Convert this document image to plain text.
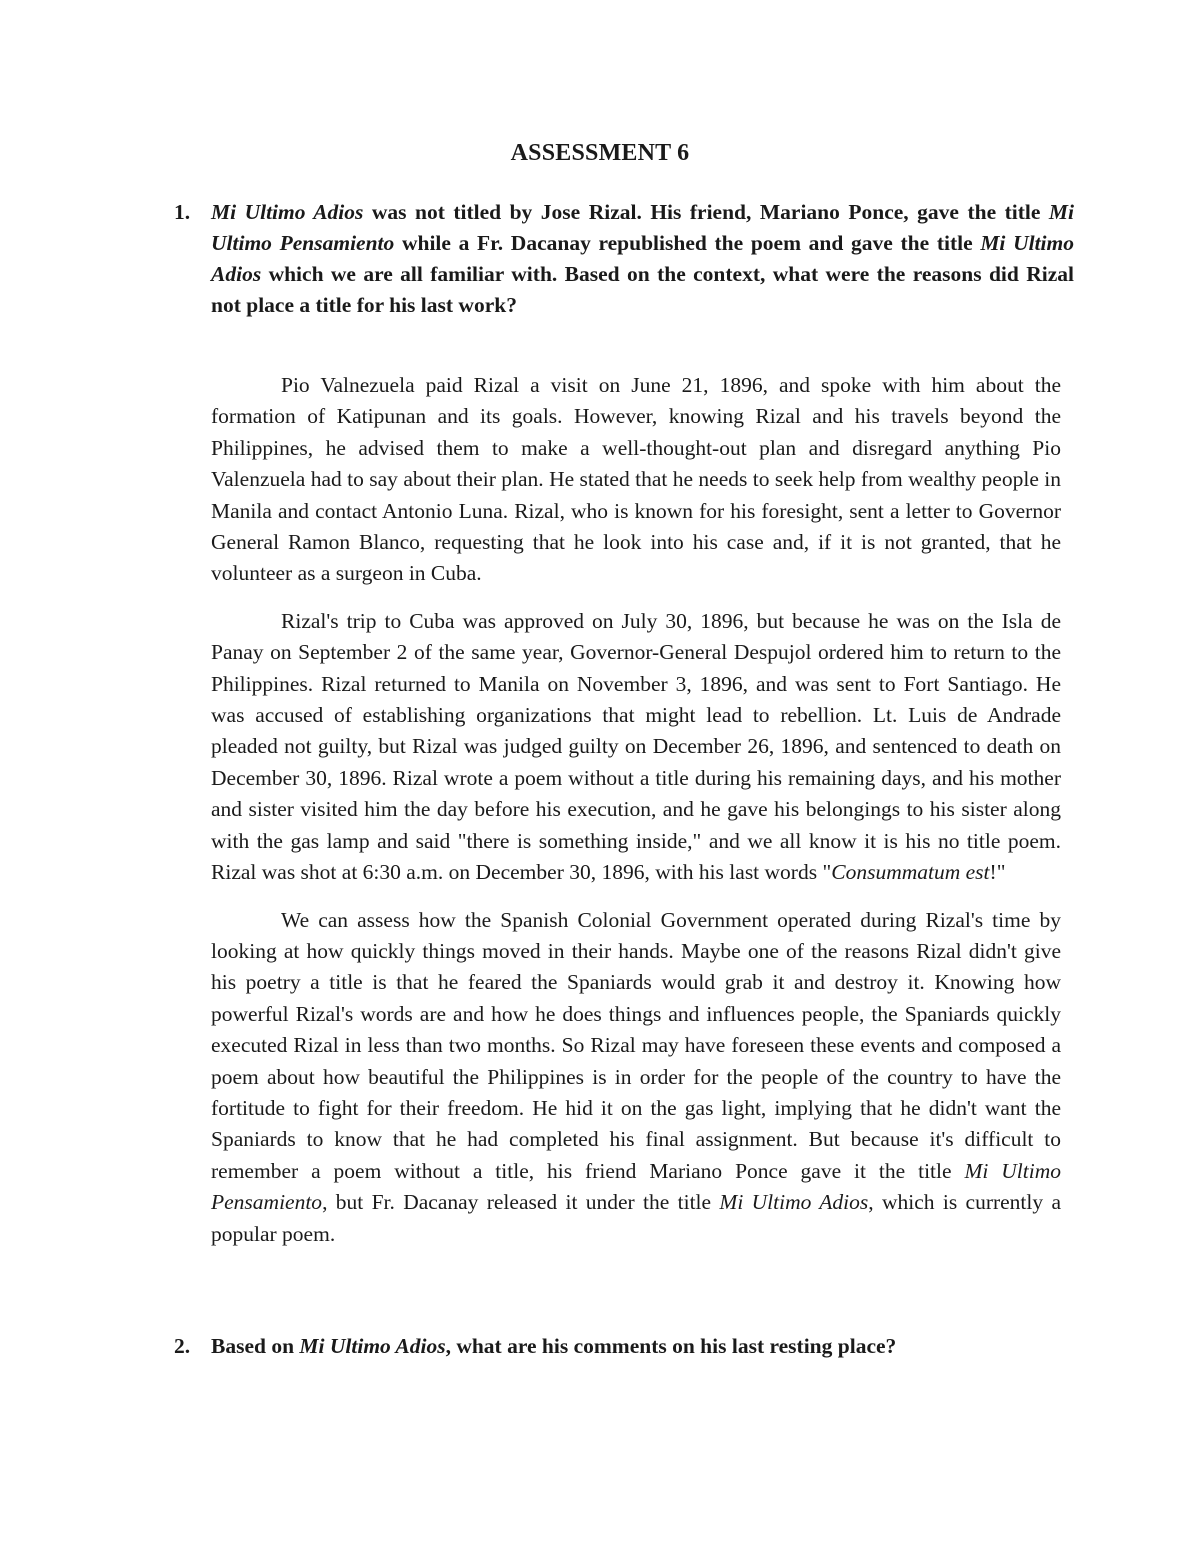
ASSESSMENT 6
1. Mi Ultimo Adios was not titled by Jose Rizal. His friend, Mariano Ponce, gave the title Mi Ultimo Pensamiento while a Fr. Dacanay republished the poem and gave the title Mi Ultimo Adios which we are all familiar with. Based on the context, what were the reasons did Rizal not place a title for his last work?

Pio Valnezuela paid Rizal a visit on June 21, 1896, and spoke with him about the formation of Katipunan and its goals. However, knowing Rizal and his travels beyond the Philippines, he advised them to make a well-thought-out plan and disregard anything Pio Valenzuela had to say about their plan. He stated that he needs to seek help from wealthy people in Manila and contact Antonio Luna. Rizal, who is known for his foresight, sent a letter to Governor General Ramon Blanco, requesting that he look into his case and, if it is not granted, that he volunteer as a surgeon in Cuba.

Rizal's trip to Cuba was approved on July 30, 1896, but because he was on the Isla de Panay on September 2 of the same year, Governor-General Despujol ordered him to return to the Philippines. Rizal returned to Manila on November 3, 1896, and was sent to Fort Santiago. He was accused of establishing organizations that might lead to rebellion. Lt. Luis de Andrade pleaded not guilty, but Rizal was judged guilty on December 26, 1896, and sentenced to death on December 30, 1896. Rizal wrote a poem without a title during his remaining days, and his mother and sister visited him the day before his execution, and he gave his belongings to his sister along with the gas lamp and said "there is something inside," and we all know it is his no title poem. Rizal was shot at 6:30 a.m. on December 30, 1896, with his last words "Consummatum est!"

We can assess how the Spanish Colonial Government operated during Rizal's time by looking at how quickly things moved in their hands. Maybe one of the reasons Rizal didn't give his poetry a title is that he feared the Spaniards would grab it and destroy it. Knowing how powerful Rizal's words are and how he does things and influences people, the Spaniards quickly executed Rizal in less than two months. So Rizal may have foreseen these events and composed a poem about how beautiful the Philippines is in order for the people of the country to have the fortitude to fight for their freedom. He hid it on the gas light, implying that he didn't want the Spaniards to know that he had completed his final assignment. But because it's difficult to remember a poem without a title, his friend Mariano Ponce gave it the title Mi Ultimo Pensamiento, but Fr. Dacanay released it under the title Mi Ultimo Adios, which is currently a popular poem.

2. Based on Mi Ultimo Adios, what are his comments on his last resting place?
